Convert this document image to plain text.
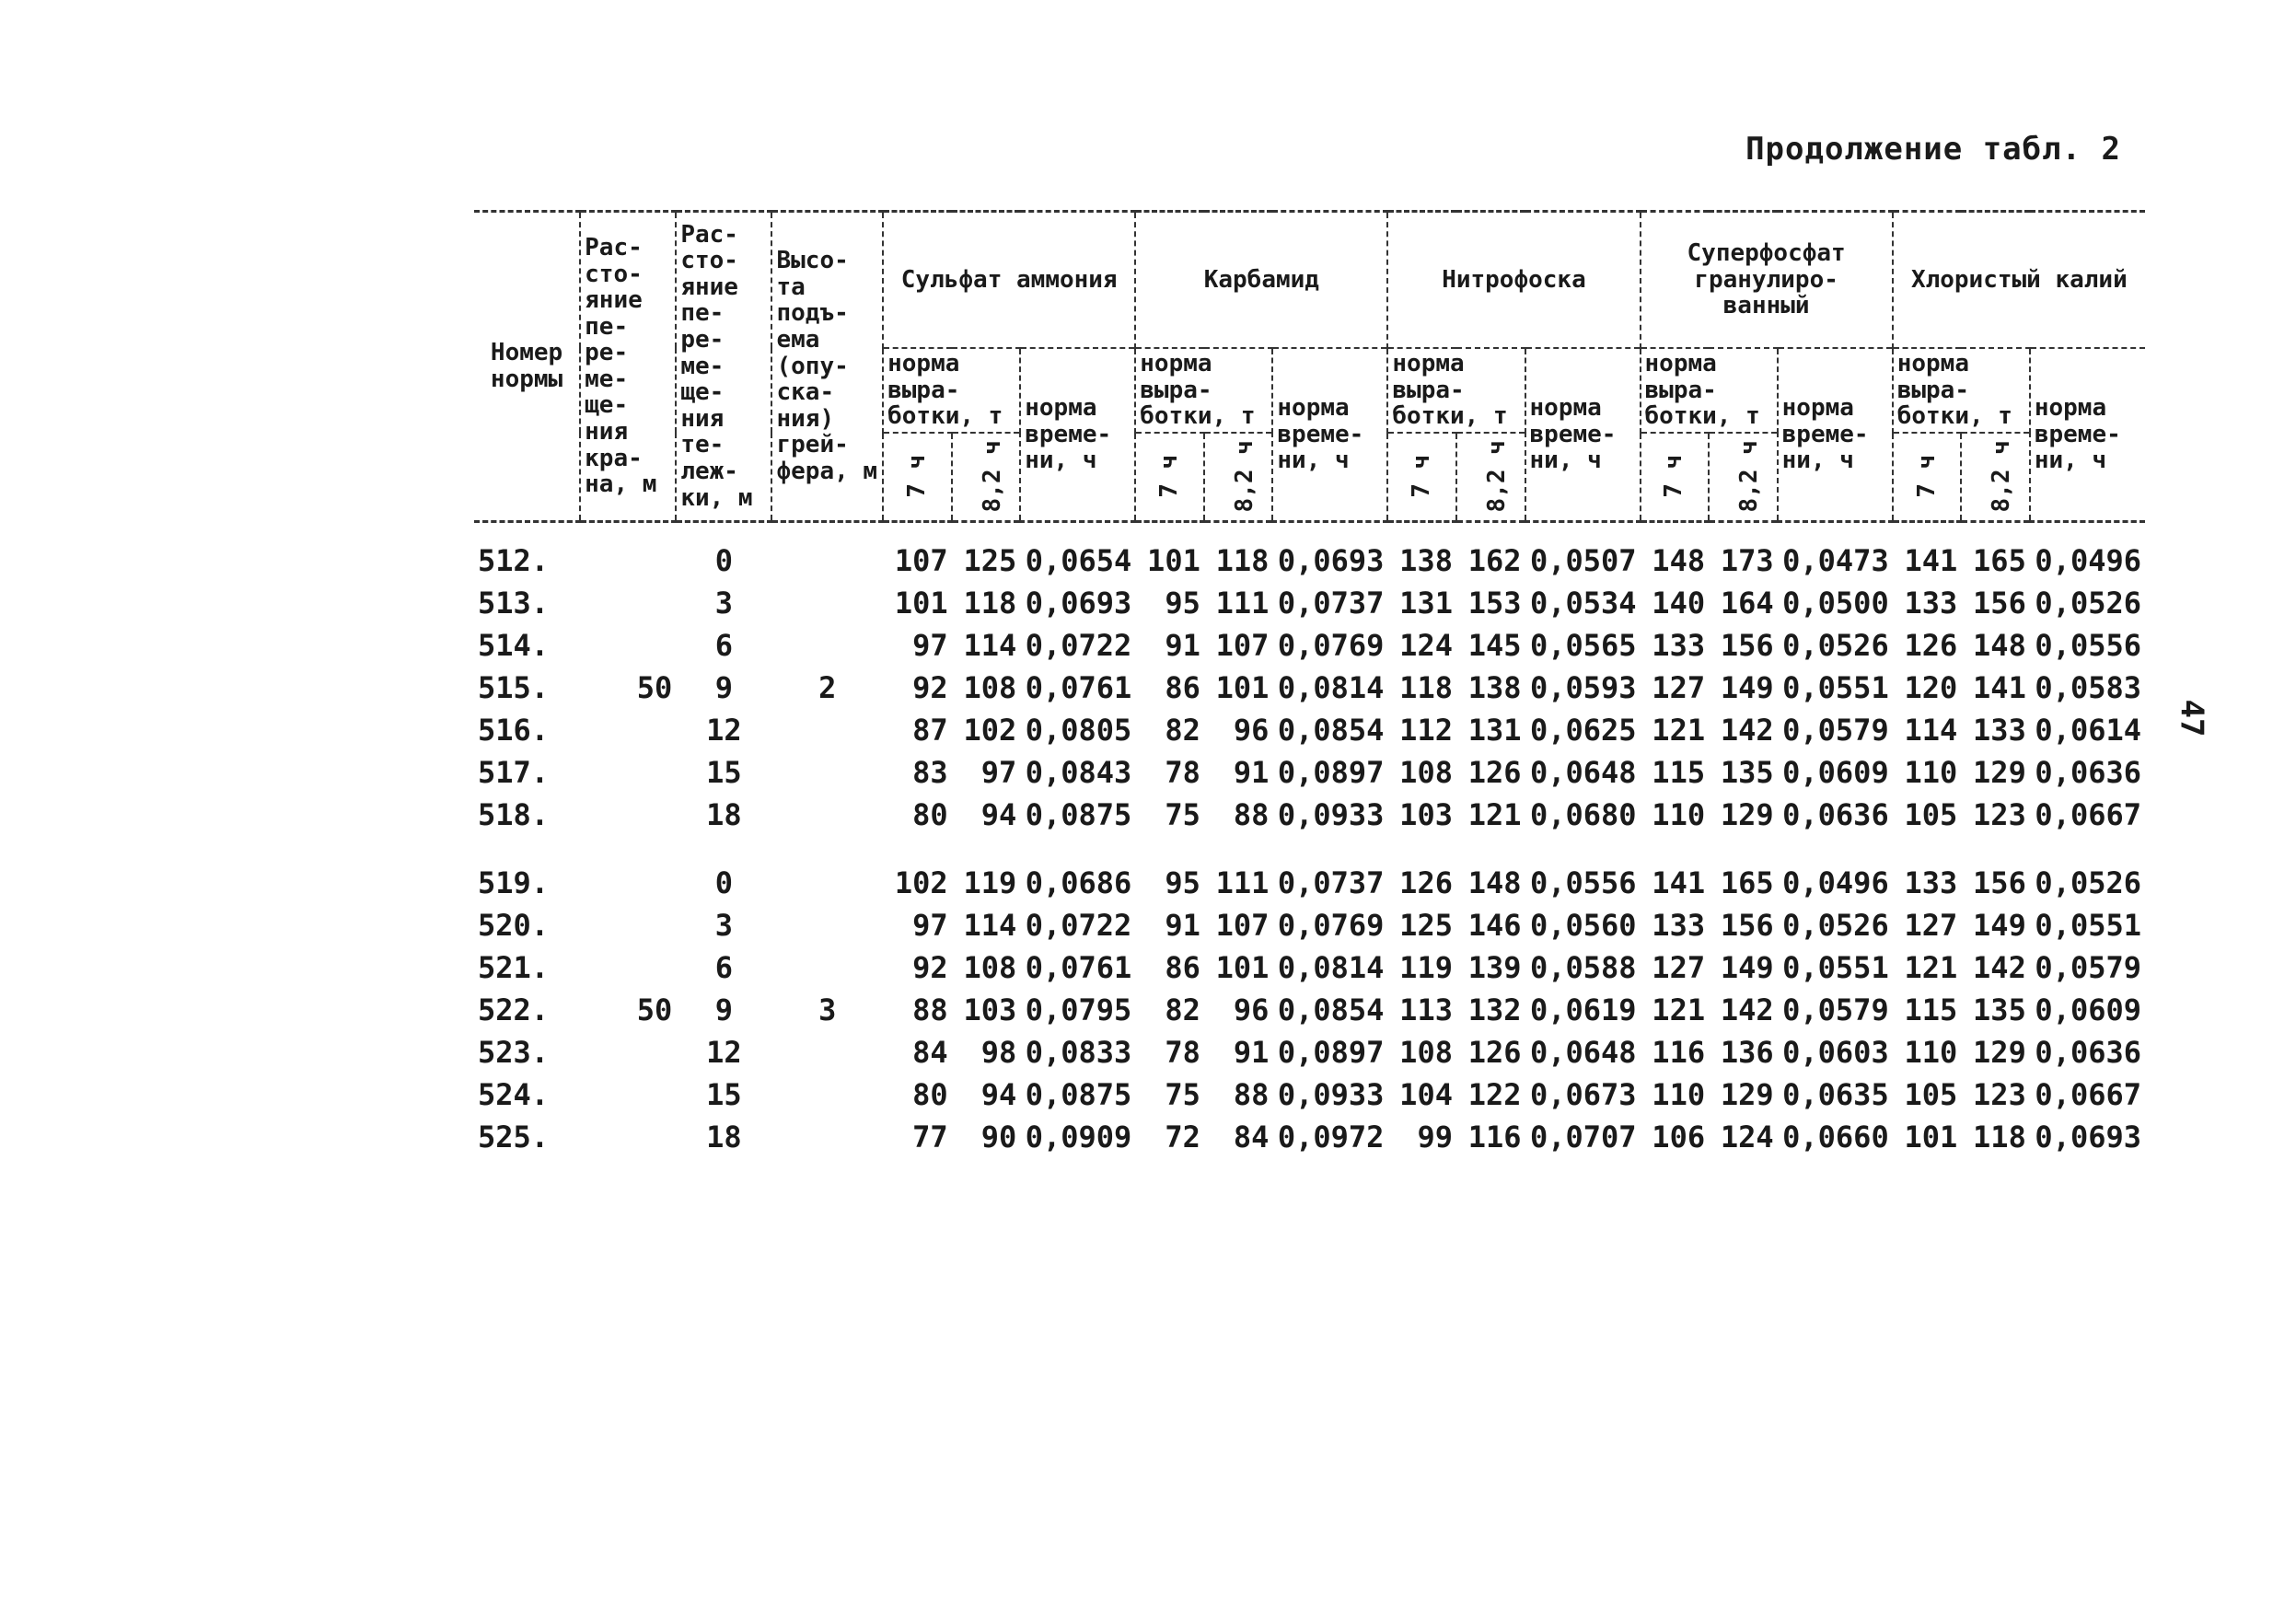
Продолжение табл. 2
47
Номер нормы	Рас- сто- яние пе- ре- ме- ще- ния кра- на, м	Рас- сто- яние пе- ре- ме- ще- ния те- леж- ки, м	Высо- та подъ- ема (опу- ска- ния) грей- фера, м	Сульфат аммония			Карбамид			Нитрофоска			Суперфосфат гранулиро- ванный			Хлористый калий		
				норма выра- ботки, т		норма време- ни, ч	норма выра- ботки, т		норма време- ни, ч	норма выра- ботки, т		норма време- ни, ч	норма выра- ботки, т		норма време- ни, ч	норма выра- ботки, т		норма време- ни, ч
				7 ч	8,2 ч		7 ч	8,2 ч		7 ч	8,2 ч		7 ч	8,2 ч		7 ч	8,2 ч	
512.		0		107	125	0,0654	101	118	0,0693	138	162	0,0507	148	173	0,0473	141	165	0,0496
513.		3		101	118	0,0693	95	111	0,0737	131	153	0,0534	140	164	0,0500	133	156	0,0526
514.		6		97	114	0,0722	91	107	0,0769	124	145	0,0565	133	156	0,0526	126	148	0,0556
515.	50	9	2	92	108	0,0761	86	101	0,0814	118	138	0,0593	127	149	0,0551	120	141	0,0583
516.		12		87	102	0,0805	82	96	0,0854	112	131	0,0625	121	142	0,0579	114	133	0,0614
517.		15		83	97	0,0843	78	91	0,0897	108	126	0,0648	115	135	0,0609	110	129	0,0636
518.		18		80	94	0,0875	75	88	0,0933	103	121	0,0680	110	129	0,0636	105	123	0,0667
519.		0		102	119	0,0686	95	111	0,0737	126	148	0,0556	141	165	0,0496	133	156	0,0526
520.		3		97	114	0,0722	91	107	0,0769	125	146	0,0560	133	156	0,0526	127	149	0,0551
521.		6		92	108	0,0761	86	101	0,0814	119	139	0,0588	127	149	0,0551	121	142	0,0579
522.	50	9	3	88	103	0,0795	82	96	0,0854	113	132	0,0619	121	142	0,0579	115	135	0,0609
523.		12		84	98	0,0833	78	91	0,0897	108	126	0,0648	116	136	0,0603	110	129	0,0636
524.		15		80	94	0,0875	75	88	0,0933	104	122	0,0673	110	129	0,0635	105	123	0,0667
525.		18		77	90	0,0909	72	84	0,0972	99	116	0,0707	106	124	0,0660	101	118	0,0693
